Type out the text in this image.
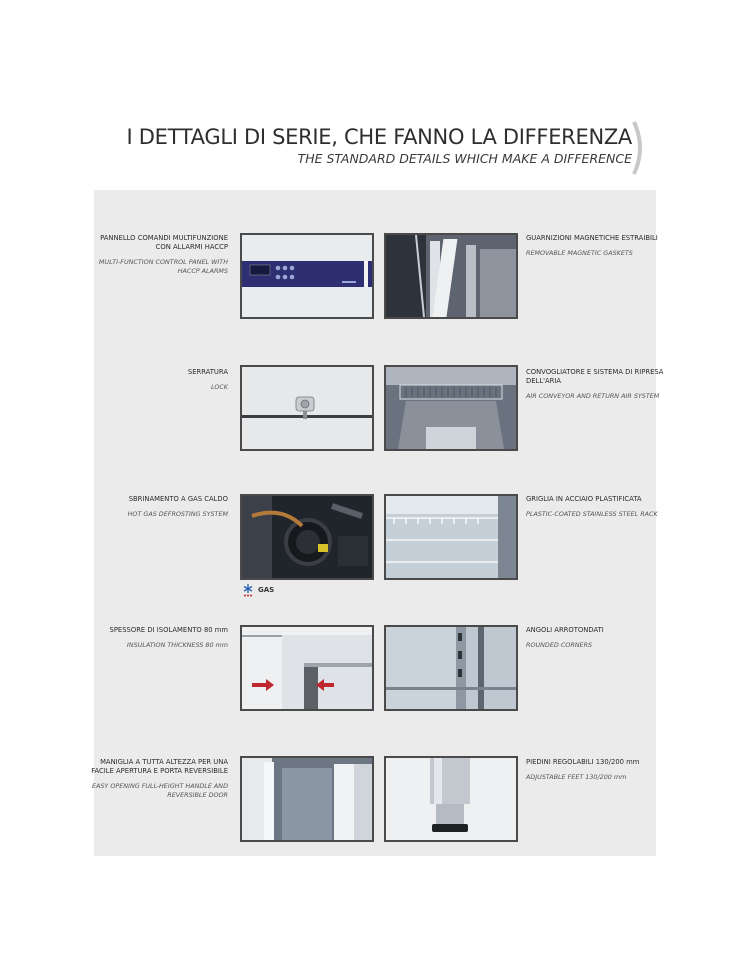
I DETTAGLI DI SERIE, CHE FANNO LA DIFFERENZA
THE STANDARD DETAILS WHICH MAKE A DIFFERENCE
PANNELLO COMANDI MULTIFUNZIONE CON ALLARMI HACCP
MULTI-FUNCTION CONTROL PANEL WITH HACCP ALARMS
GUARNIZIONI MAGNETICHE ESTRAIBILI
REMOVABLE MAGNETIC GASKETS
SERRATURA
LOCK
CONVOGLIATORE E SISTEMA DI RIPRESA DELL'ARIA
AIR CONVEYOR AND RETURN AIR SYSTEM
SBRINAMENTO A GAS CALDO
HOT GAS DEFROSTING SYSTEM
GAS
GRIGLIA IN ACCIAIO PLASTIFICATA
PLASTIC-COATED STAINLESS STEEL RACK
SPESSORE DI ISOLAMENTO 80 mm
INSULATION THICKNESS 80 mm
ANGOLI ARROTONDATI
ROUNDED CORNERS
MANIGLIA A TUTTA ALTEZZA PER UNA FACILE APERTURA E PORTA REVERSIBILE
EASY OPENING FULL-HEIGHT HANDLE AND REVERSIBLE DOOR
PIEDINI REGOLABILI 130/200 mm
ADJUSTABLE FEET 130/200 mm
